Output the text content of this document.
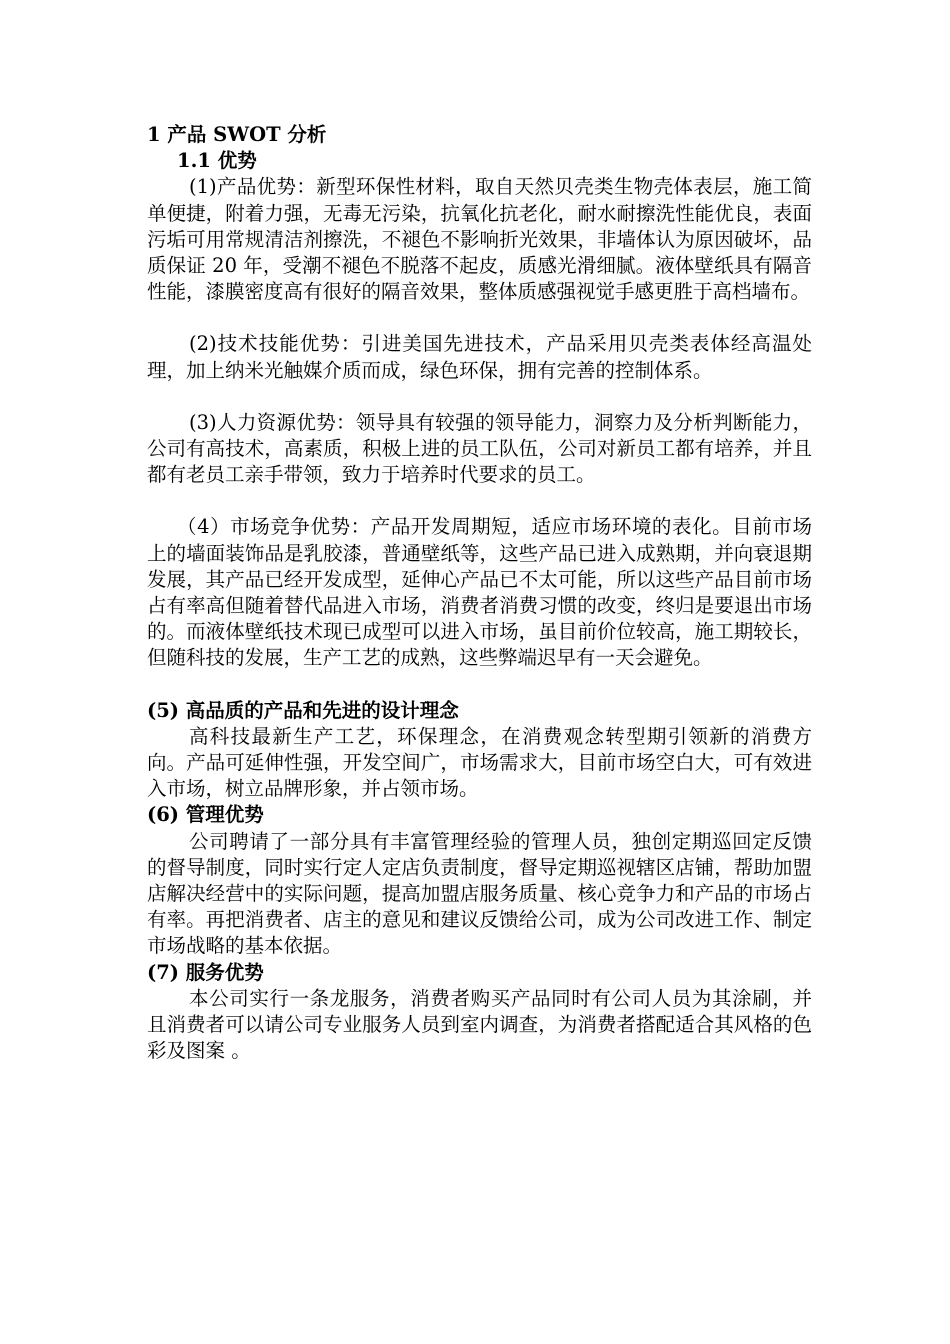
1 产品 SWOT 分析

1.1 优势

(1)产品优势：新型环保性材料，取自天然贝壳类生物壳体表层，施工简单便捷，附着力强，无毒无污染，抗氧化抗老化，耐水耐擦洗性能优良，表面污垢可用常规清洁剂擦洗，不褪色不影响折光效果，非墙体认为原因破坏，品质保证 20 年，受潮不褪色不脱落不起皮，质感光滑细腻。液体壁纸具有隔音性能，漆膜密度高有很好的隔音效果，整体质感强视觉手感更胜于高档墙布。

(2)技术技能优势：引进美国先进技术，产品采用贝壳类表体经高温处理，加上纳米光触媒介质而成，绿色环保，拥有完善的控制体系。

(3)人力资源优势：领导具有较强的领导能力，洞察力及分析判断能力，公司有高技术，高素质，积极上进的员工队伍，公司对新员工都有培养，并且都有老员工亲手带领，致力于培养时代要求的员工。

（4）市场竞争优势：产品开发周期短，适应市场环境的表化。目前市场上的墙面装饰品是乳胶漆，普通壁纸等，这些产品已进入成熟期，并向衰退期发展，其产品已经开发成型，延伸心产品已不太可能，所以这些产品目前市场占有率高但随着替代品进入市场，消费者消费习惯的改变，终归是要退出市场的。而液体壁纸技术现已成型可以进入市场，虽目前价位较高，施工期较长，但随科技的发展，生产工艺的成熟，这些弊端迟早有一天会避免。

(5) 高品质的产品和先进的设计理念

高科技最新生产工艺，环保理念，在消费观念转型期引领新的消费方向。产品可延伸性强，开发空间广，市场需求大，目前市场空白大，可有效进入市场，树立品牌形象，并占领市场。

(6) 管理优势

公司聘请了一部分具有丰富管理经验的管理人员，独创定期巡回定反馈的督导制度，同时实行定人定店负责制度，督导定期巡视辖区店铺，帮助加盟店解决经营中的实际问题，提高加盟店服务质量、核心竞争力和产品的市场占有率。再把消费者、店主的意见和建议反馈给公司，成为公司改进工作、制定市场战略的基本依据。

(7) 服务优势

本公司实行一条龙服务，消费者购买产品同时有公司人员为其涂刷，并且消费者可以请公司专业服务人员到室内调查，为消费者搭配适合其风格的色彩及图案 。
